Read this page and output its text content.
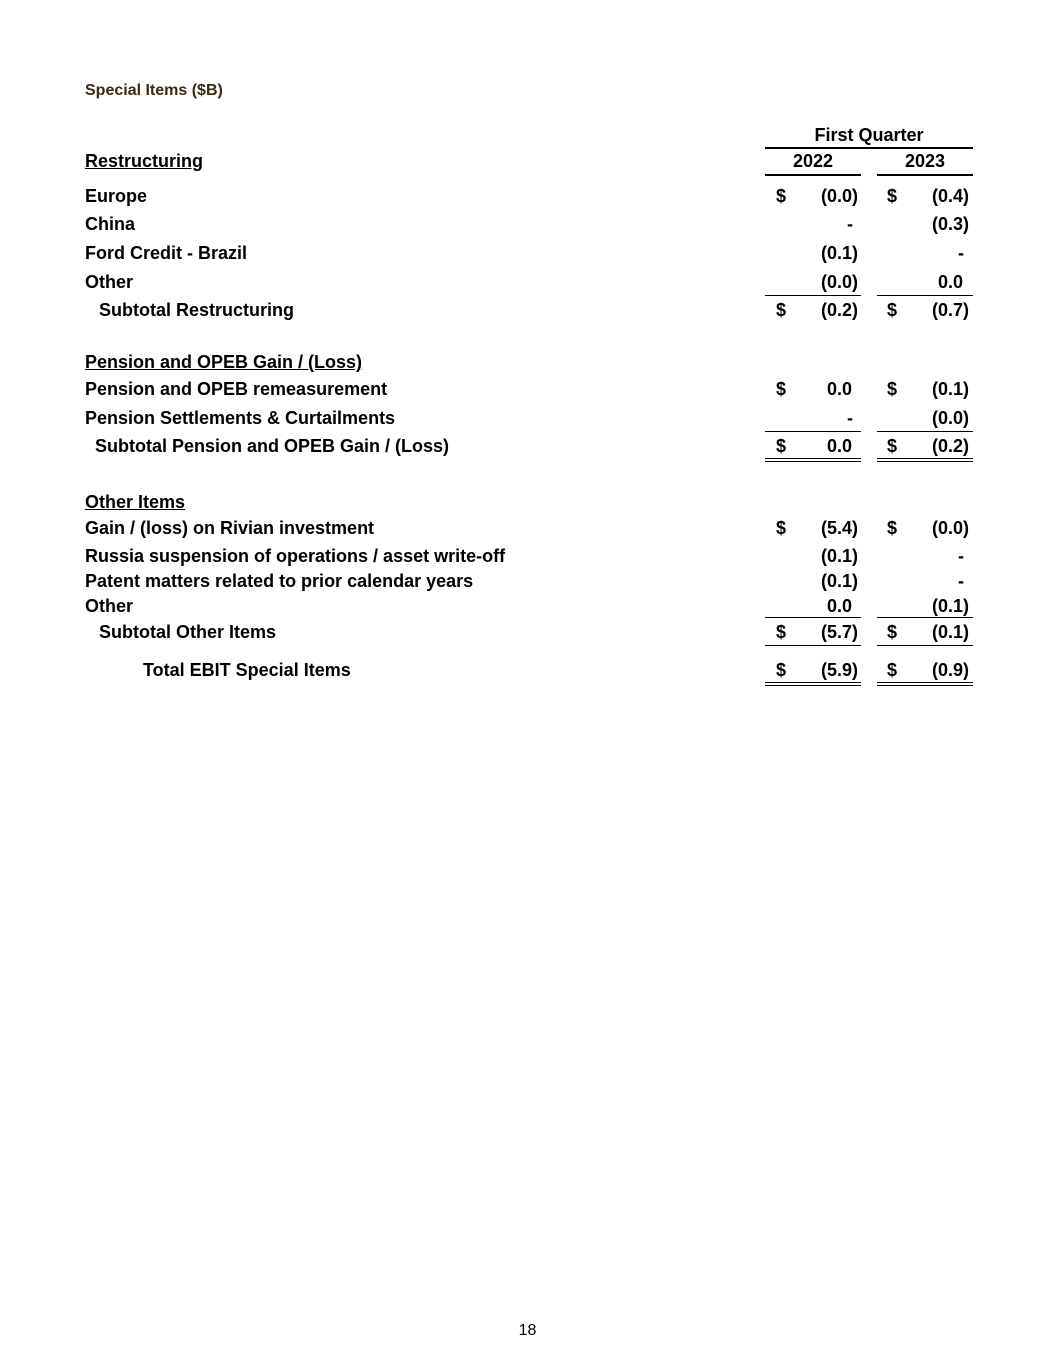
Special Items ($B)
First Quarter
2022	2023
Restructuring
Europe	$	(0.0) $	(0.4)
China	-	(0.3)
Ford Credit - Brazil	(0.1)	-
Other	(0.0)	0.0
Subtotal Restructuring	$	(0.2) $	(0.7)
Pension and OPEB Gain / (Loss)
Pension and OPEB remeasurement	$	0.0 $	(0.1)
Pension Settlements & Curtailments	-	(0.0)
Subtotal Pension and OPEB Gain / (Loss)	$	0.0 $	(0.2)
Other Items
Gain / (loss) on Rivian investment	$	(5.4) $	(0.0)
Russia suspension of operations / asset write-off	(0.1)	-
Patent matters related to prior calendar years	(0.1)	-
Other	0.0	(0.1)
Subtotal Other Items	$	(5.7) $	(0.1)
Total EBIT Special Items	$	(5.9) $	(0.9)
18
